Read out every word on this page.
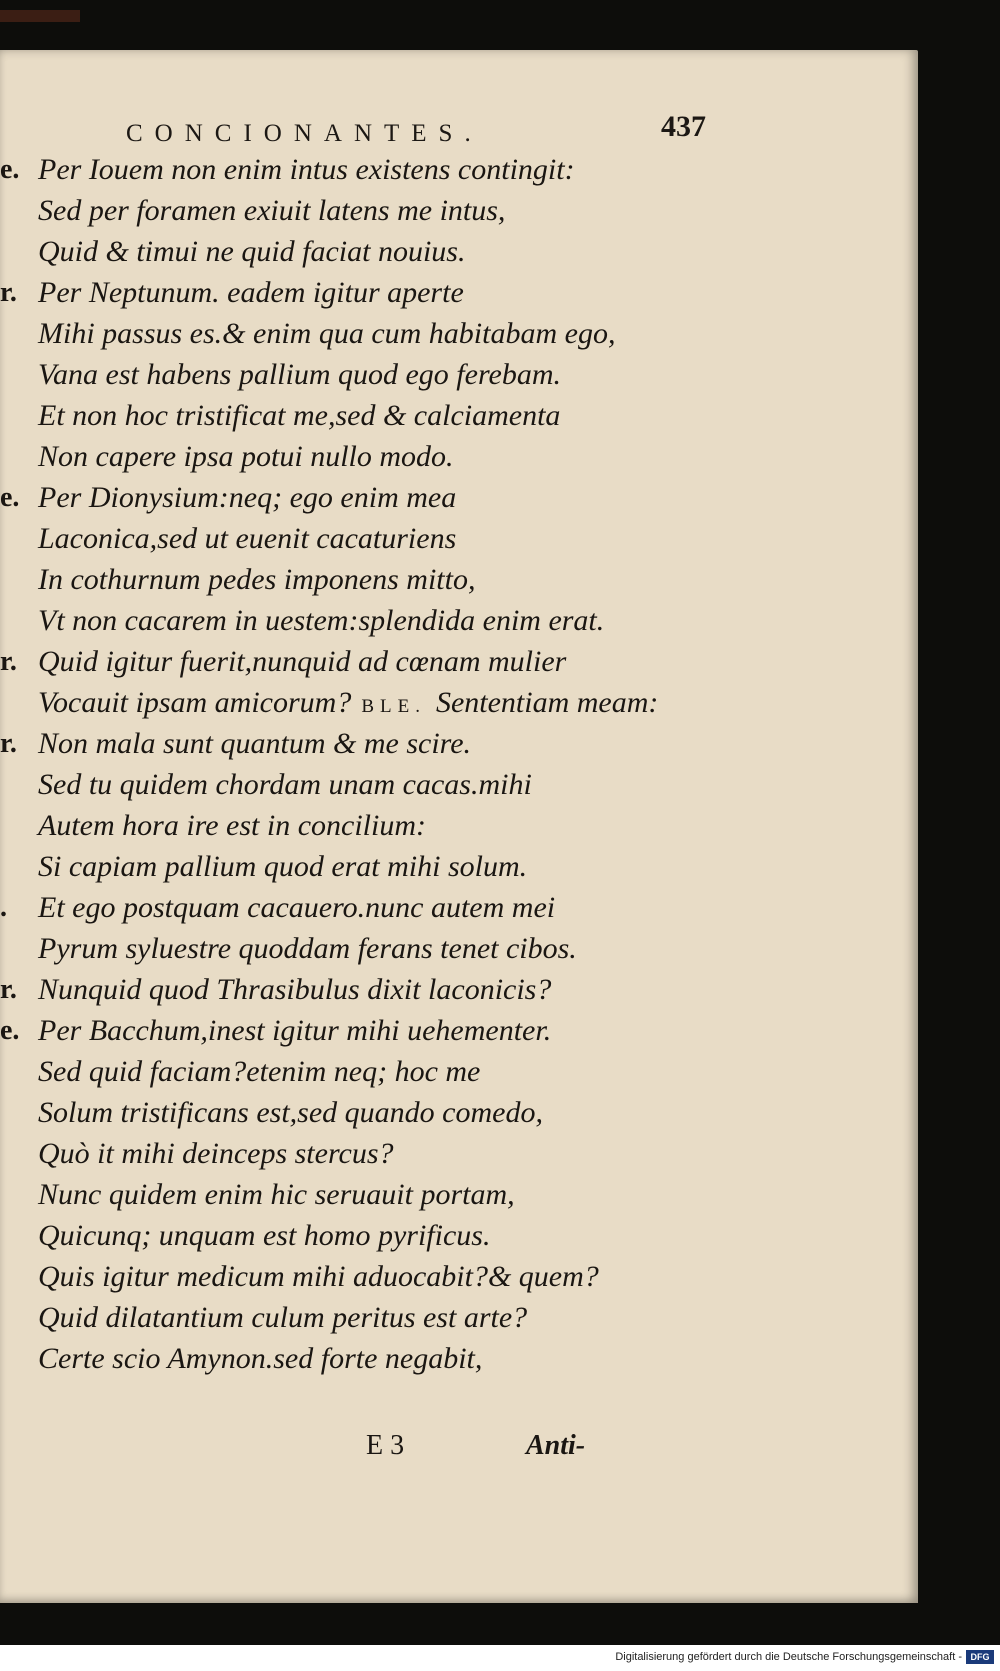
CONCIONANTES.	437
e. Per Iouem non enim intus existens contingit:
Sed per foramen exiuit latens me intus,
Quid & timui ne quid faciat nouius.
r. Per Neptunum. eadem igitur aperte
Mihi passus es.& enim qua cum habitabam ego,
Vana est habens pallium quod ego ferebam.
Et non hoc tristificat me,sed & calciamenta
Non capere ipsa potui nullo modo.
e. Per Dionysium:neq; ego enim mea
Laconica,sed ut euenit cacaturiens
In cothurnum pedes imponens mitto,
Vt non cacarem in uestem:splendida enim erat.
r. Quid igitur fuerit,nunquid ad cœnam mulier
Vocauit ipsam amicorum? BLE. Sententiam meam:
r. Non mala sunt quantum & me scire.
Sed tu quidem chordam unam cacas.mihi
Autem hora ire est in concilium:
Si capiam pallium quod erat mihi solum.
.	Et ego postquam cacauero.nunc autem mei
Pyrum syluestre quoddam ferans tenet cibos.
r. Nunquid quod Thrasibulus dixit laconicis?
e. Per Bacchum,inest igitur mihi uehementer.
Sed quid faciam?etenim neq; hoc me
Solum tristificans est,sed quando comedo,
Quò it mihi deinceps stercus?
Nunc quidem enim hic seruauit portam,
Quicunq; unquam est homo pyrificus.
Quis igitur medicum mihi aduocabit?& quem?
Quid dilatantium culum peritus est arte?
Certe scio Amynon.sed forte negabit,
E 3	Anti-
Digitalisierung gefördert durch die Deutsche Forschungsgemeinschaft - DFG
